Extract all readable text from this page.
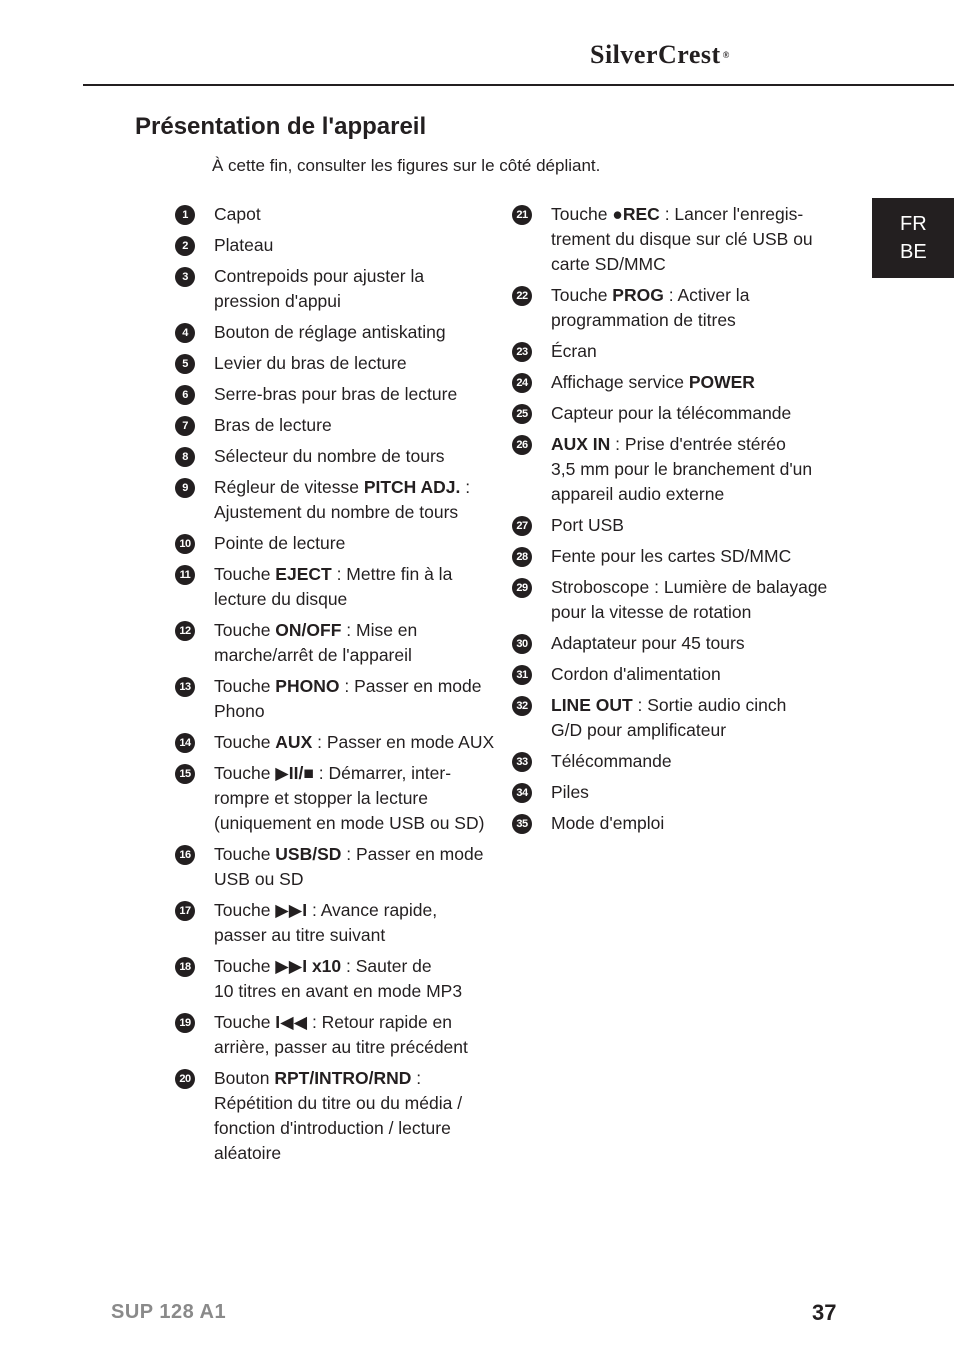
SilverCrest ®
Présentation de l'appareil
À cette fin, consulter les figures sur le côté dépliant.
FR
BE
1	Capot
2	Plateau
3	Contrepoids pour ajuster la
pression d'appui
4	Bouton de réglage antiskating
5	Levier du bras de lecture
6	Serre-bras pour bras de lecture
7	Bras de lecture
8	Sélecteur du nombre de tours
9	Régleur de vitesse PITCH ADJ. :
Ajustement du nombre de tours
10 Pointe de lecture
11 Touche EJECT : Mettre fin à la
lecture du disque
12 Touche ON/OFF : Mise en
marche/arrêt de l'appareil
13 Touche PHONO : Passer en mode
Phono
14 Touche AUX : Passer en mode AUX
15 Touche ▶II/■ : Démarrer, inter-
rompre et stopper la lecture
(uniquement en mode USB ou SD)
16 Touche USB/SD : Passer en mode
USB ou SD
17 Touche ▶▶I : Avance rapide,
passer au titre suivant
18 Touche ▶▶I x10 : Sauter de
10 titres en avant en mode MP3
19 Touche I◀◀ : Retour rapide en
arrière, passer au titre précédent
20 Bouton RPT/INTRO/RND :
Répétition du titre ou du média /
fonction d'introduction / lecture
aléatoire
21 Touche ●REC : Lancer l'enregis-
trement du disque sur clé USB ou
carte SD/MMC
22 Touche PROG : Activer la
programmation de titres
23 Écran
24 Affichage service POWER
25 Capteur pour la télécommande
26 AUX IN : Prise d'entrée stéréo
3,5 mm pour le branchement d'un
appareil audio externe
27 Port USB
28 Fente pour les cartes SD/MMC
29 Stroboscope : Lumière de balayage
pour la vitesse de rotation
30 Adaptateur pour 45 tours
31 Cordon d'alimentation
32 LINE OUT : Sortie audio cinch
G/D pour amplificateur
33 Télécommande
34 Piles
35 Mode d'emploi
SUP 128 A1	37
